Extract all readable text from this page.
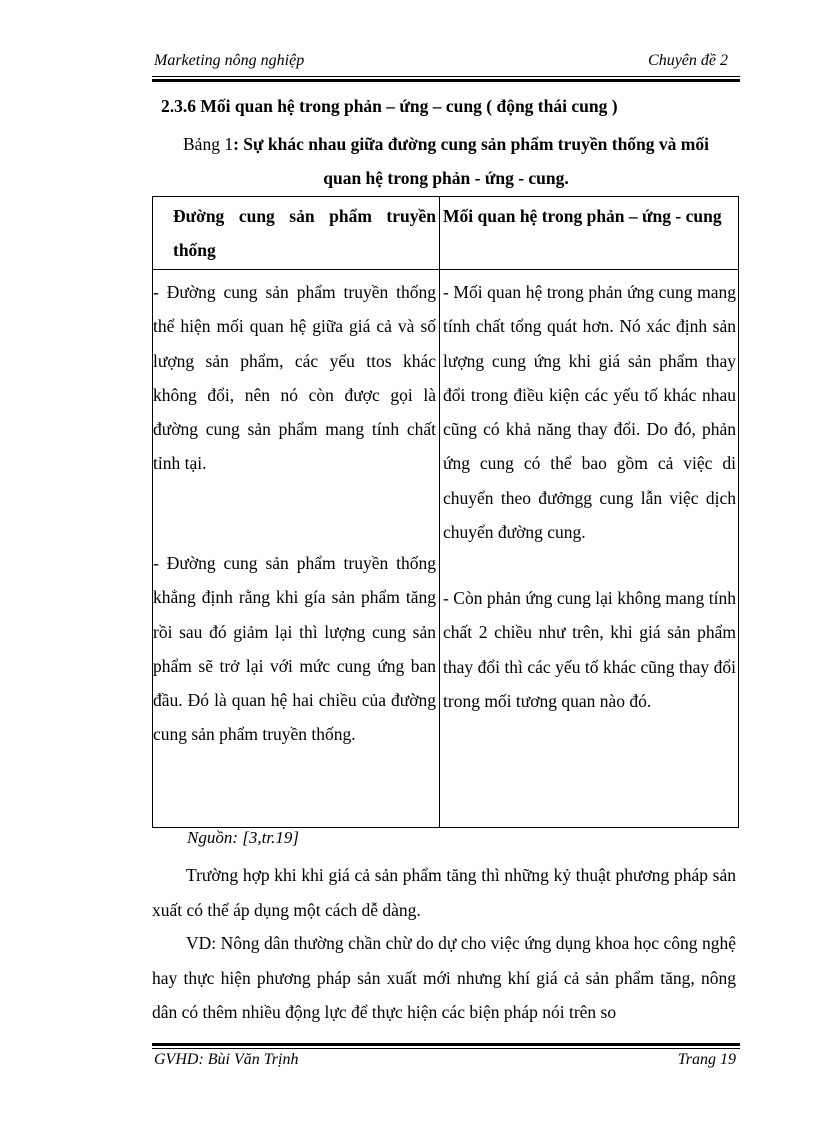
Marketing nông nghiệp	Chuyên đề 2
2.3.6 Mối quan hệ trong phản – ứng – cung ( động thái cung )
Bảng 1: Sự khác nhau giữa đường cung sản phẩm truyền thống và mối
quan hệ trong phản - ứng - cung.
Đường cung sản phẩm truyền thống
Mối quan hệ trong phản – ứng - cung
- Đường cung sản phẩm truyền thống thể hiện mối quan hệ giữa giá cả và số lượng sản phẩm, các yếu ttos khác không đổi, nên nó còn được gọi là đường cung sản phẩm mang tính chất tỉnh tại.
- Đường cung sản phẩm truyền thống khẳng định rằng khi gía sản phẩm tăng rồi sau đó giảm lại thì lượng cung sản phẩm sẽ trở lại với mức cung ứng ban đầu. Đó là quan hệ hai chiều của đường cung sản phẩm truyền thống.
- Mối quan hệ trong phản ứng cung mang tính chất tổng quát hơn. Nó xác định sản lượng cung ứng khi giá sản phẩm thay đổi trong điều kiện các yếu tố khác nhau cũng có khả năng thay đổi. Do đó, phản ứng cung có thể bao gồm cả việc di chuyển theo đưởngg cung lẫn việc dịch chuyển đường cung.
- Còn phản ứng cung lại không mang tính chất 2 chiều như trên, khi giá sản phẩm thay đổi thì các yếu tố khác cũng thay đổi trong mối tương quan nào đó.
Nguồn: [3,tr.19]
Trường hợp khi khi giá cả sản phẩm tăng thì những kỷ thuật phương pháp sản xuất có thể áp dụng một cách dễ dàng.
VD: Nông dân thường chần chừ do dự cho việc ứng dụng khoa học công nghệ hay thực hiện phương pháp sản xuất mới nhưng khí giá cả sản phẩm tăng, nông dân có thêm nhiều động lực để thực hiện các biện pháp nói trên so
GVHD: Bùi Văn Trịnh	Trang 19
